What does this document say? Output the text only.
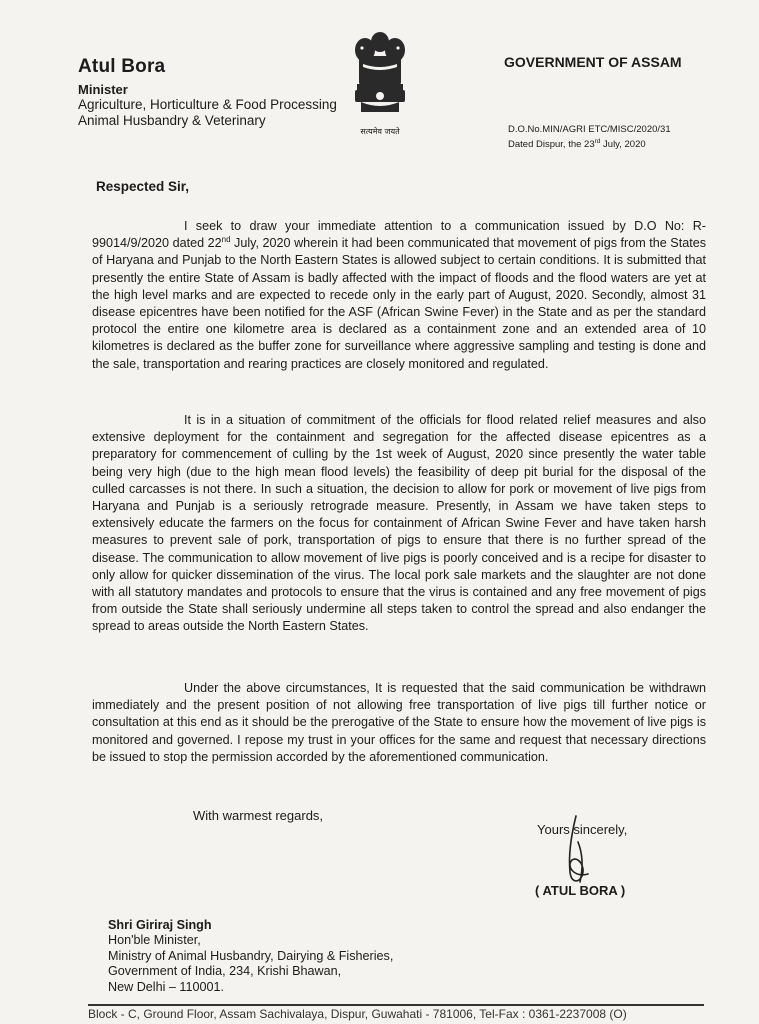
Atul Bora
Minister
Agriculture, Horticulture & Food Processing
Animal Husbandry & Veterinary
सत्यमेव जयते
GOVERNMENT OF ASSAM
D.O.No.MIN/AGRI ETC/MISC/2020/31
Dated Dispur, the 23rd July, 2020
Respected Sir,
I seek to draw your immediate attention to a communication issued by D.O No: R-99014/9/2020 dated 22nd July, 2020 wherein it had been communicated that movement of pigs from the States of Haryana and Punjab to the North Eastern States is allowed subject to certain conditions. It is submitted that presently the entire State of Assam is badly affected with the impact of floods and the flood waters are yet at the high level marks and are expected to recede only in the early part of August, 2020. Secondly, almost 31 disease epicentres have been notified for the ASF (African Swine Fever) in the State and as per the standard protocol the entire one kilometre area is declared as a containment zone and an extended area of 10 kilometres is declared as the buffer zone for surveillance where aggressive sampling and testing is done and the sale, transportation and rearing practices are closely monitored and regulated.
It is in a situation of commitment of the officials for flood related relief measures and also extensive deployment for the containment and segregation for the affected disease epicentres as a preparatory for commencement of culling by the 1st week of August, 2020 since presently the water table being very high (due to the high mean flood levels) the feasibility of deep pit burial for the disposal of the culled carcasses is not there. In such a situation, the decision to allow for pork or movement of live pigs from Haryana and Punjab is a seriously retrograde measure. Presently, in Assam we have taken steps to extensively educate the farmers on the focus for containment of African Swine Fever and have taken harsh measures to prevent sale of pork, transportation of pigs to ensure that there is no further spread of the disease. The communication to allow movement of live pigs is poorly conceived and is a recipe for disaster to only allow for quicker dissemination of the virus. The local pork sale markets and the slaughter are not done with all statutory mandates and protocols to ensure that the virus is contained and any free movement of pigs from outside the State shall seriously undermine all steps taken to control the spread and also endanger the spread to areas outside the North Eastern States.
Under the above circumstances, It is requested that the said communication be withdrawn immediately and the present position of not allowing free transportation of live pigs till further notice or consultation at this end as it should be the prerogative of the State to ensure how the movement of live pigs is monitored and governed. I repose my trust in your offices for the same and request that necessary directions be issued to stop the permission accorded by the aforementioned communication.
With warmest regards,
Yours sincerely,
( ATUL BORA )
Shri Giriraj Singh
Hon'ble Minister,
Ministry of Animal Husbandry, Dairying & Fisheries,
Government of India, 234, Krishi Bhawan,
New Delhi – 110001.
Block - C, Ground Floor, Assam Sachivalaya, Dispur, Guwahati - 781006, Tel-Fax : 0361-2237008 (O)
